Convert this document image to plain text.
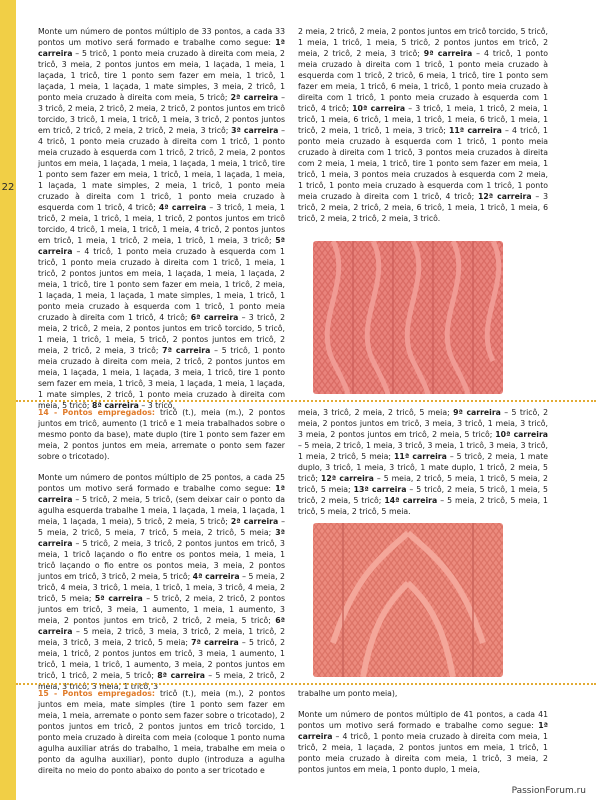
22

Monte um número de pontos múltiplo de 33 pontos, a cada 33 pontos um motivo será formado e trabalhe como segue: 1ª carreira – 5 tricô, 1 ponto meia cruzado à direita com meia, 2 tricô, 3 meia, 2 pontos juntos em meia, 1 laçada, 1 meia, 1 laçada, 1 tricô, tire 1 ponto sem fazer em meia, 1 tricô, 1 laçada, 1 meia, 1 laçada, 1 mate simples, 3 meia, 2 tricô, 1 ponto meia cruzado à direita com meia, 5 tricô; 2ª carreira – 3 tricô, 2 meia, 2 tricô, 2 meia, 2 tricô, 2 pontos juntos em tricô torcido, 3 tricô, 1 meia, 1 tricô, 1 meia, 3 tricô, 2 pontos juntos em tricô, 2 tricô, 2 meia, 2 tricô, 2 meia, 3 tricô; 3ª carreira – 4 tricô, 1 ponto meia cruzado à direita com 1 tricô, 1 ponto meia cruzado à esquerda com 1 tricô, 2 tricô, 2 meia, 2 pontos juntos em meia, 1 laçada, 1 meia, 1 laçada, 1 meia, 1 tricô, tire 1 ponto sem fazer em meia, 1 tricô, 1 meia, 1 laçada, 1 meia, 1 laçada, 1 mate simples, 2 meia, 1 tricô, 1 ponto meia cruzado à direita com 1 tricô, 1 ponto meia cruzado à esquerda com 1 tricô, 4 tricô; 4ª carreira – 3 tricô, 1 meia, 1 tricô, 2 meia, 1 tricô, 1 meia, 1 tricô, 2 pontos juntos em tricô torcido, 4 tricô, 1 meia, 1 tricô, 1 meia, 4 tricô, 2 pontos juntos em tricô, 1 meia, 1 tricô, 2 meia, 1 tricô, 1 meia, 3 tricô; 5ª carreira – 4 tricô, 1 ponto meia cruzado à esquerda com 1 tricô, 1 ponto meia cruzado à direita com 1 tricô, 1 meia, 1 tricô, 2 pontos juntos em meia, 1 laçada, 1 meia, 1 laçada, 2 meia, 1 tricô, tire 1 ponto sem fazer em meia, 1 tricô, 2 meia, 1 laçada, 1 meia, 1 laçada, 1 mate simples, 1 meia, 1 tricô, 1 ponto meia cruzado à esquerda com 1 tricô, 1 ponto meia cruzado à direita com 1 tricô, 4 tricô; 6ª carreira – 3 tricô, 2 meia, 2 tricô, 2 meia, 2 pontos juntos em tricô torcido, 5 tricô, 1 meia, 1 tricô, 1 meia, 5 tricô, 2 pontos juntos em tricô, 2 meia, 2 tricô, 2 meia, 3 tricô; 7ª carreira – 5 tricô, 1 ponto meia cruzado à direita com meia, 2 tricô, 2 pontos juntos em meia, 1 laçada, 1 meia, 1 laçada, 3 meia, 1 tricô, tire 1 ponto sem fazer em meia, 1 tricô, 3 meia, 1 laçada, 1 meia, 1 laçada, 1 mate simples, 2 tricô, 1 ponto meia cruzado à direita com meia, 5 tricô; 8ª carreira – 3 tricô,

2 meia, 2 tricô, 2 meia, 2 pontos juntos em tricô torcido, 5 tricô, 1 meia, 1 tricô, 1 meia, 5 tricô, 2 pontos juntos em tricô, 2 meia, 2 tricô, 2 meia, 3 tricô; 9ª carreira – 4 tricô, 1 ponto meia cruzado à direita com 1 tricô, 1 ponto meia cruzado à esquerda com 1 tricô, 2 tricô, 6 meia, 1 tricô, tire 1 ponto sem fazer em meia, 1 tricô, 6 meia, 1 tricô, 1 ponto meia cruzado à direita com 1 tricô, 1 ponto meia cruzado à esquerda com 1 tricô, 4 tricô; 10ª carreira – 3 tricô, 1 meia, 1 tricô, 2 meia, 1 tricô, 1 meia, 6 tricô, 1 meia, 1 tricô, 1 meia, 6 tricô, 1 meia, 1 tricô, 2 meia, 1 tricô, 1 meia, 3 tricô; 11ª carreira – 4 tricô, 1 ponto meia cruzado à esquerda com 1 tricô, 1 ponto meia cruzado à direita com 1 tricô, 3 pontos meia cruzados à direita com 2 meia, 1 meia, 1 tricô, tire 1 ponto sem fazer em meia, 1 tricô, 1 meia, 3 pontos meia cruzados à esquerda com 2 meia, 1 tricô, 1 ponto meia cruzado à esquerda com 1 tricô, 1 ponto meia cruzado à direita com 1 tricô, 4 tricô; 12ª carreira – 3 tricô, 2 meia, 2 tricô, 2 meia, 6 tricô, 1 meia, 1 tricô, 1 meia, 6 tricô, 2 meia, 2 tricô, 2 meia, 3 tricô.

14 - Pontos empregados: tricô (t.), meia (m.), 2 pontos juntos em tricô, aumento (1 tricô e 1 meia trabalhados sobre o mesmo ponto da base), mate duplo (tire 1 ponto sem fazer em meia, 2 pontos juntos em meia, arremate o ponto sem fazer sobre o tricotado).

Monte um número de pontos múltiplo de 25 pontos, a cada 25 pontos um motivo será formado e trabalhe como segue: 1ª carreira – 5 tricô, 2 meia, 5 tricô, (sem deixar cair o ponto da agulha esquerda trabalhe 1 meia, 1 laçada, 1 meia, 1 laçada, 1 meia, 1 laçada, 1 meia), 5 tricô, 2 meia, 5 tricô; 2ª carreira – 5 meia, 2 tricô, 5 meia, 7 tricô, 5 meia, 2 tricô, 5 meia; 3ª carreira – 5 tricô, 2 meia, 3 tricô, 2 pontos juntos em tricô, 3 meia, 1 tricô laçando o fio entre os pontos meia, 1 meia, 1 tricô laçando o fio entre os pontos meia, 3 meia, 2 pontos juntos em tricô, 3 tricô, 2 meia, 5 tricô; 4ª carreira – 5 meia, 2 tricô, 4 meia, 3 tricô, 1 meia, 1 tricô, 1 meia, 3 tricô, 4 meia, 2 tricô, 5 meia; 5ª carreira – 5 tricô, 2 meia, 2 tricô, 2 pontos juntos em tricô, 3 meia, 1 aumento, 1 meia, 1 aumento, 3 meia, 2 pontos juntos em tricô, 2 tricô, 2 meia, 5 tricô; 6ª carreira – 5 meia, 2 tricô, 3 meia, 3 tricô, 2 meia, 1 tricô, 2 meia, 3 tricô, 3 meia, 2 tricô, 5 meia; 7ª carreira – 5 tricô, 2 meia, 1 tricô, 2 pontos juntos em tricô, 3 meia, 1 aumento, 1 tricô, 1 meia, 1 tricô, 1 aumento, 3 meia, 2 pontos juntos em tricô, 1 tricô, 2 meia, 5 tricô; 8ª carreira – 5 meia, 2 tricô, 2 meia, 3 tricô, 3 meia, 1 tricô, 3

meia, 3 tricô, 2 meia, 2 tricô, 5 meia; 9ª carreira – 5 tricô, 2 meia, 2 pontos juntos em tricô, 3 meia, 3 tricô, 1 meia, 3 tricô, 3 meia, 2 pontos juntos em tricô, 2 meia, 5 tricô; 10ª carreira – 5 meia, 2 tricô, 1 meia, 3 tricô, 3 meia, 1 tricô, 3 meia, 3 tricô, 1 meia, 2 tricô, 5 meia; 11ª carreira – 5 tricô, 2 meia, 1 mate duplo, 3 tricô, 1 meia, 3 tricô, 1 mate duplo, 1 tricô, 2 meia, 5 tricô; 12ª carreira – 5 meia, 2 tricô, 5 meia, 1 tricô, 5 meia, 2 tricô, 5 meia; 13ª carreira – 5 tricô, 2 meia, 5 tricô, 1 meia, 5 tricô, 2 meia, 5 tricô; 14ª carreira – 5 meia, 2 tricô, 5 meia, 1 tricô, 5 meia, 2 tricô, 5 meia.

15 - Pontos empregados: tricô (t.), meia (m.), 2 pontos juntos em meia, mate simples (tire 1 ponto sem fazer em meia, 1 meia, arremate o ponto sem fazer sobre o tricotado), 2 pontos juntos em tricô, 2 pontos juntos em tricô torcido, 1 ponto meia cruzado à direita com meia (coloque 1 ponto numa agulha auxiliar atrás do trabalho, 1 meia, trabalhe em meia o ponto da agulha auxiliar), ponto duplo (introduza a agulha direita no meio do ponto abaixo do ponto a ser tricotado e

trabalhe um ponto meia),

Monte um número de pontos múltiplo de 41 pontos, a cada 41 pontos um motivo será formado e trabalhe como segue: 1ª carreira – 4 tricô, 1 ponto meia cruzado à direita com meia, 1 tricô, 2 meia, 1 laçada, 2 pontos juntos em meia, 1 tricô, 1 ponto meia cruzado à direita com meia, 1 tricô, 3 meia, 2 pontos juntos em meia, 1 ponto duplo, 1 meia,

PassionForum.ru
